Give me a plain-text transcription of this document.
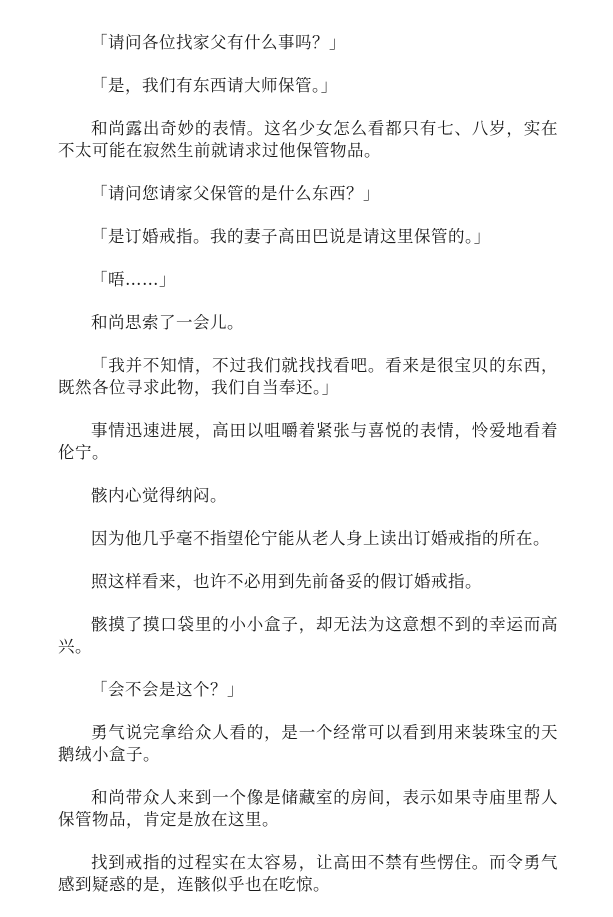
「请问各位找家父有什么事吗？」

「是，我们有东西请大师保管。」

和尚露出奇妙的表情。这名少女怎么看都只有七、八岁，实在不太可能在寂然生前就请求过他保管物品。

「请问您请家父保管的是什么东西？」

「是订婚戒指。我的妻子高田巴说是请这里保管的。」

「唔……」

和尚思索了一会儿。

「我并不知情，不过我们就找找看吧。看来是很宝贝的东西，既然各位寻求此物，我们自当奉还。」

事情迅速进展，高田以咀嚼着紧张与喜悦的表情，怜爱地看着伦宁。

骸内心觉得纳闷。

因为他几乎毫不指望伦宁能从老人身上读出订婚戒指的所在。

照这样看来，也许不必用到先前备妥的假订婚戒指。

骸摸了摸口袋里的小小盒子，却无法为这意想不到的幸运而高兴。

「会不会是这个？」

勇气说完拿给众人看的，是一个经常可以看到用来装珠宝的天鹅绒小盒子。

和尚带众人来到一个像是储藏室的房间，表示如果寺庙里帮人保管物品，肯定是放在这里。

找到戒指的过程实在太容易，让高田不禁有些愣住。而令勇气感到疑惑的是，连骸似乎也在吃惊。
